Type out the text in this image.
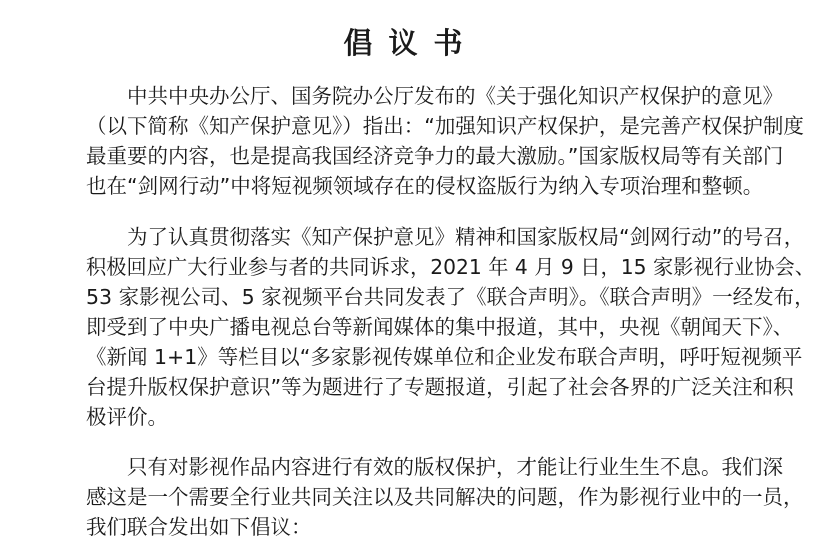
倡议书
中共中央办公厅、国务院办公厅发布的《关于强化知识产权保护的意见》
（以下简称《知产保护意见》）指出：“加强知识产权保护，是完善产权保护制度
最重要的内容，也是提高我国经济竞争力的最大激励。”国家版权局等有关部门
也在“剑网行动”中将短视频领域存在的侵权盗版行为纳入专项治理和整顿。
为了认真贯彻落实《知产保护意见》精神和国家版权局“剑网行动”的号召，
积极回应广大行业参与者的共同诉求，2021 年 4 月 9 日，15 家影视行业协会、
53 家影视公司、5 家视频平台共同发表了《联合声明》。《联合声明》一经发布，
即受到了中央广播电视总台等新闻媒体的集中报道，其中，央视《朝闻天下》、
《新闻 1+1》等栏目以“多家影视传媒单位和企业发布联合声明，呼吁短视频平
台提升版权保护意识”等为题进行了专题报道，引起了社会各界的广泛关注和积
极评价。
只有对影视作品内容进行有效的版权保护，才能让行业生生不息。我们深
感这是一个需要全行业共同关注以及共同解决的问题，作为影视行业中的一员，
我们联合发出如下倡议：
